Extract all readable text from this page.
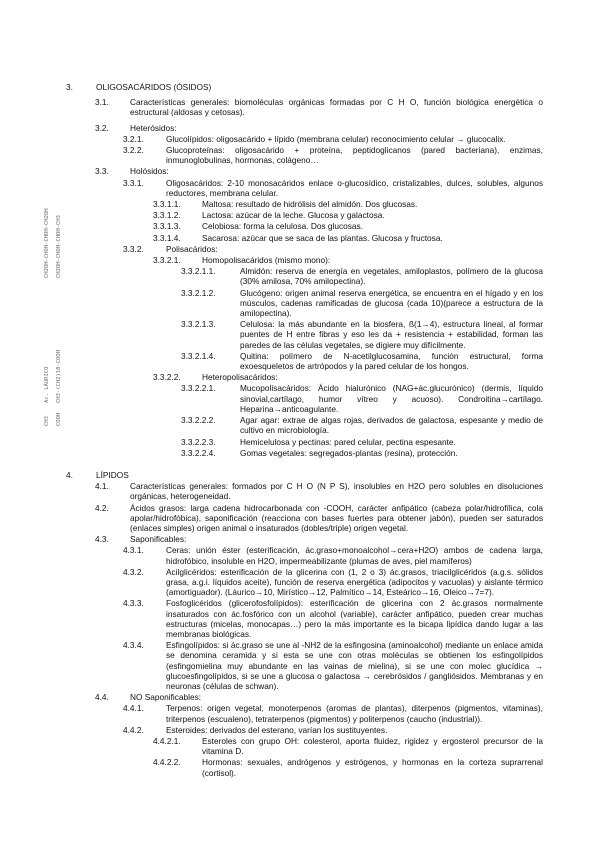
CH2OH-CHOH-CHOH-CH2OH CH2OH-CHOH-CHOH-CH3
Ac. LÁURICO CH3-(CH2)10-COOH
CH3 COOH
3.	OLIGOSACÁRIDOS (ÓSIDOS)
3.1.	Características generales: biomoléculas orgánicas formadas por C H O, función biológica energética o estructural (aldosas y cetosas).
3.2.	Heterósidos:
3.2.1.	Glucolípidos: oligosacárido + lípido (membrana celular) reconocimiento celular → glucocalix.
3.2.2.	Glucoproteínas: oligosacárido + proteína, peptidoglicanos (pared bacteriana), enzimas, inmunoglobulinas, hormonas, colágeno…
3.3.	Holósidos:
3.3.1.	Oligosacáridos: 2-10 monosacáridos enlace o-glucosídico, cristalizables, dulces, solubles, algunos reductores, membrana celular.
3.3.1.1.	Maltosa: resultado de hidrólisis del almidón. Dos glucosas.
3.3.1.2.	Lactosa: azúcar de la leche. Glucosa y galactosa.
3.3.1.3.	Celobiosa: forma la celulosa. Dos glucosas.
3.3.1.4.	Sacarosa: azúcar que se saca de las plantas. Glucosa y fructosa.
3.3.2.	Polisacáridos:
3.3.2.1.	Homopolisacáridos (mismo mono):
3.3.2.1.1.	Almidón: reserva de energía en vegetales, amiloplastos, polímero de la glucosa (30% amilosa, 70% amilopectina).
3.3.2.1.2.	Glucógeno: origen animal reserva energética, se encuentra en el hígado y en los músculos, cadenas ramificadas de glucosa (cada 10)(parece a estructura de la amilopectina).
3.3.2.1.3.	Celulosa: la más abundante en la biosfera, ß(1→4), estructura lineal, al formar puentes de H entre fibras y eso les da + resistencia + estabilidad, forman las paredes de las células vegetales, se digiere muy difícilmente.
3.3.2.1.4.	Quitina: polímero de N-acetilglucosamina, función estructural, forma exoesqueletos de artrópodos y la pared celular de los hongos.
3.3.2.2.	Heteropolisacáridos:
3.3.2.2.1.	Mucopolisacáridos: Ácido hialurónico (NAG+ác.glucurónico) (dermis, líquido sinovial,cartílago, humor vítreo y acuoso). Condroitina→cartílago. Heparina→anticoagulante.
3.3.2.2.2.	Agar agar: extrae de algas rojas, derivados de galactosa, espesante y medio de cultivo en microbiología.
3.3.2.2.3.	Hemicelulosa y pectinas: pared celular, pectina espesante.
3.3.2.2.4.	Gomas vegetales: segregados-plantas (resina), protección.
4.	LÍPIDOS
4.1.	Características generales: formados por C H O (N P S), insolubles en H2O pero solubles en disoluciones orgánicas, heterogeneidad.
4.2.	Ácidos grasos: larga cadena hidrocarbonada con -COOH, carácter anfipático (cabeza polar/hidrofílica, cola apolar/hidrofóbica), saponificación (reacciona con bases fuertes para obtener jabón), pueden ser saturados (enlaces simples) origen animal o insaturados (dobles/triple) origen vegetal.
4.3.	Saponificables:
4.3.1.	Ceras: unión éster (esterificación, ác.graso+monoalcohol→cera+H2O) ambos de cadena larga, hidrofóbico, insoluble en H2O, impermeabilizante (plumas de aves, piel mamíferos)
4.3.2.	Acilglicéridos: esterificación de la glicerina con (1, 2 o 3) ác.grasos, triacilglicéridos (a.g.s. sólidos grasa, a.g.i. líquidos aceite), función de reserva energética (adipocitos y vacuolas) y aislante térmico (amortiguador). (Láurico→10, Mirístico→12, Palmítico→14, Esteárico→16, Oleico→7=7).
4.3.3.	Fosfoglicéridos (glicerofosfolípidos): esterificación de glicerina con 2 ác.grasos normalmente insaturados con ác.fosfórico con un alcohol (variable), carácter anfipático, pueden crear muchas estructuras (micelas, monocapas…) pero la más importante es la bicapa lipídica dando lugar a las membranas biológicas.
4.3.4.	Esfingolípidos: si ác.graso se une al -NH2 de la esfingosina (aminoalcohol) mediante un enlace amida se denomina ceramida y si esta se une con otras moléculas se obtienen los esfingolípidos (esfingomielina muy abundante en las vainas de mielina), si se une con molec glucídica → glucoesfingolípidos, si se une a glucosa o galactosa → cerebrósidos / gangliósidos. Membranas y en neuronas (células de schwan).
4.4.	NO Saponificables:
4.4.1.	Terpenos: origen vegetal, monoterpenos (aromas de plantas), diterpenos (pigmentos, vitaminas), triterpenos (escualeno), tetraterpenos (pigmentos) y politerpenos (caucho (industrial)).
4.4.2.	Esteroides: derivados del esterano, varían los sustituyentes.
4.4.2.1.	Esteroles con grupo OH: colesterol, aporta fluidez, rigidez y ergosterol precursor de la vitamina D.
4.4.2.2.	Hormonas: sexuales, andrógenos y estrógenos, y hormonas en la corteza suprarrenal (cortisol).
